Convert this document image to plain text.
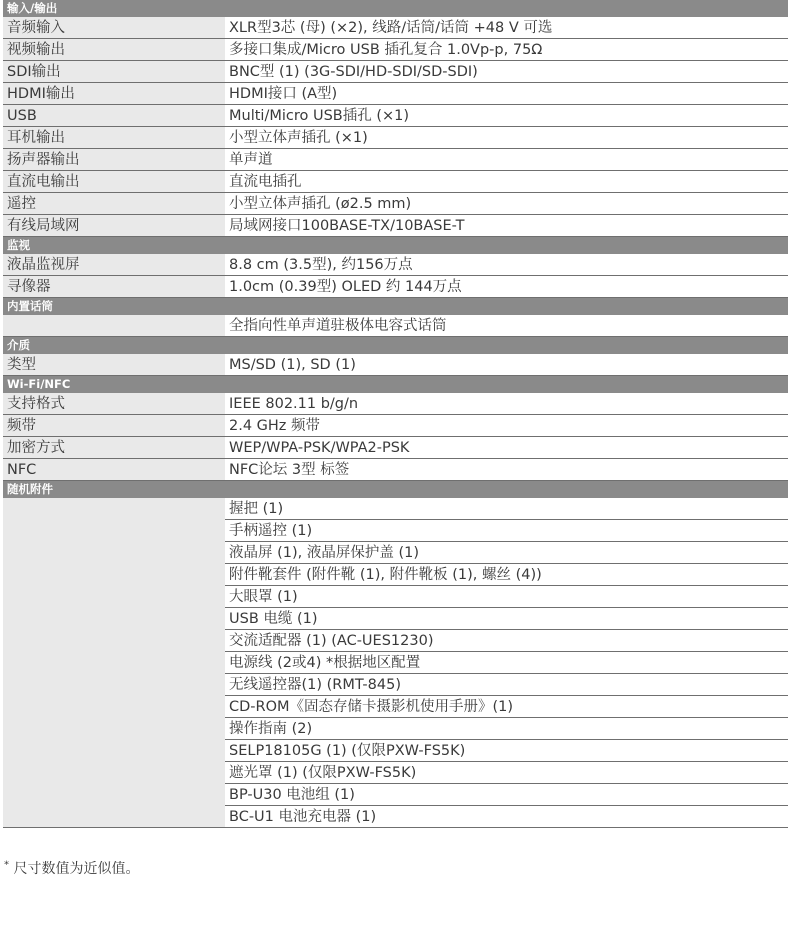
输入/输出
音频输入	XLR型3芯 (母) (×2), 线路/话筒/话筒 +48 V 可选
视频输出	多接口集成/Micro USB 插孔复合 1.0Vp-p, 75Ω
SDI输出	BNC型 (1) (3G-SDI/HD-SDI/SD-SDI)
HDMI输出	HDMI接口 (A型)
USB	Multi/Micro USB插孔 (×1)
耳机输出	小型立体声插孔 (×1)
扬声器输出	单声道
直流电输出	直流电插孔
遥控	小型立体声插孔 (ø2.5 mm)
有线局域网	局域网接口100BASE-TX/10BASE-T
监视
液晶监视屏	8.8 cm (3.5型), 约156万点
寻像器	1.0cm (0.39型) OLED 约 144万点
内置话筒
全指向性单声道驻极体电容式话筒
介质
类型	MS/SD (1), SD (1)
Wi-Fi/NFC
支持格式	IEEE 802.11 b/g/n
频带	2.4 GHz 频带
加密方式	WEP/WPA-PSK/WPA2-PSK
NFC	NFC论坛 3型 标签
随机附件
握把 (1)
手柄遥控 (1)
液晶屏 (1), 液晶屏保护盖 (1)
附件靴套件 (附件靴 (1), 附件靴板 (1), 螺丝 (4))
大眼罩 (1)
USB 电缆 (1)
交流适配器 (1) (AC-UES1230)
电源线 (2或4) *根据地区配置
无线遥控器(1) (RMT-845)
CD-ROM《固态存储卡摄影机使用手册》(1)
操作指南 (2)
SELP18105G (1) (仅限PXW-FS5K)
遮光罩 (1) (仅限PXW-FS5K)
BP-U30 电池组 (1)
BC-U1 电池充电器 (1)
* 尺寸数值为近似值。
